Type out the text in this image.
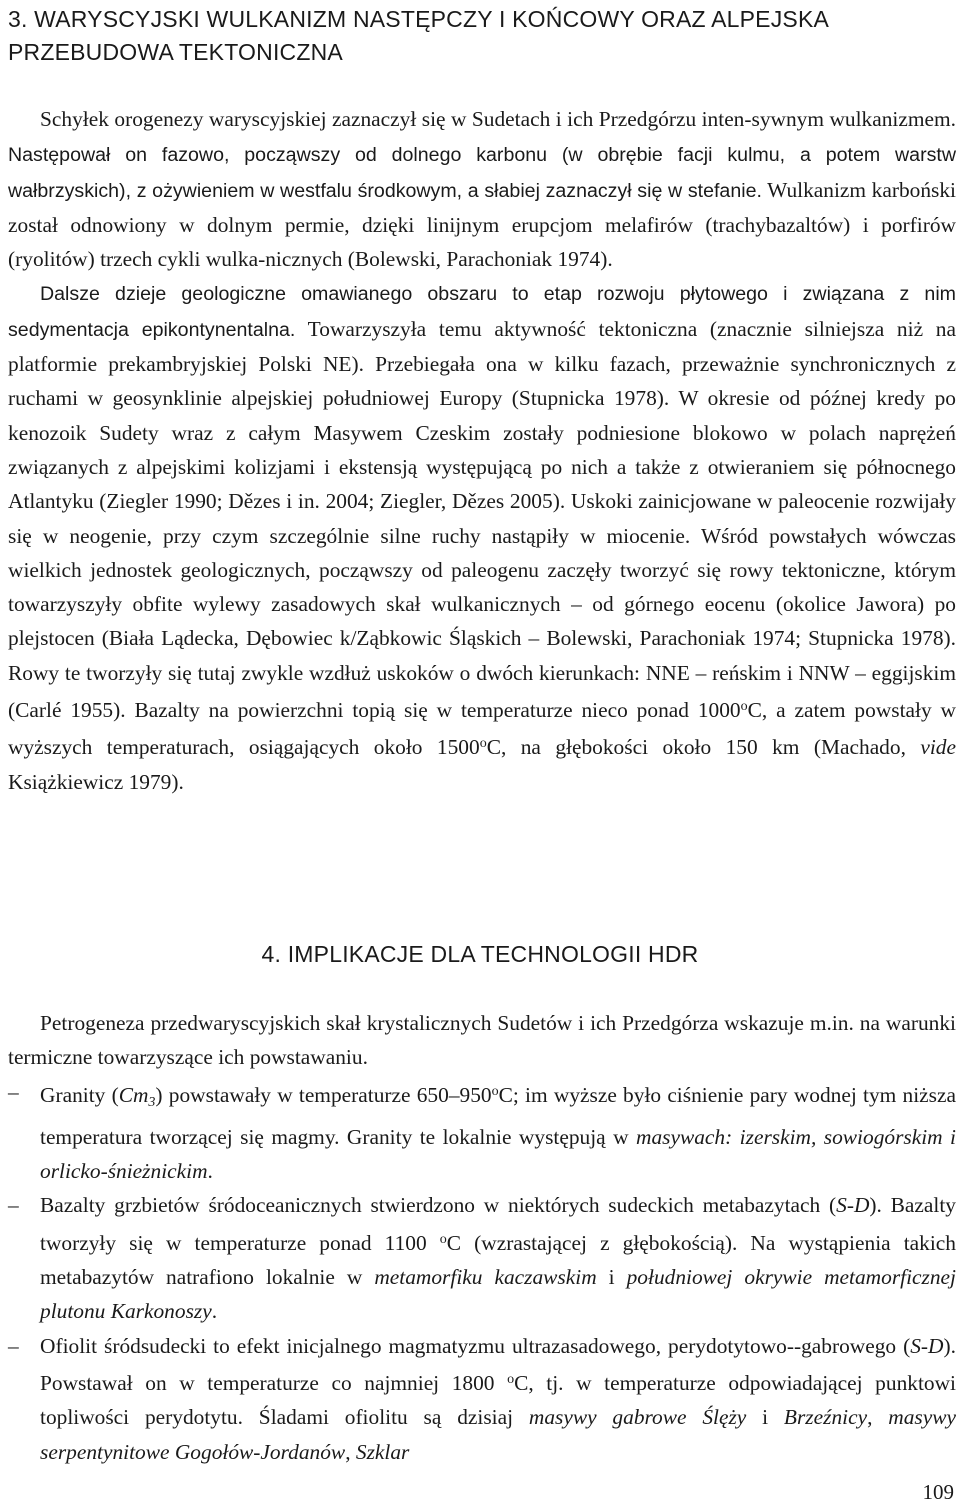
3. WARYSCYJSKI WULKANIZM NASTĘPCZY I KOŃCOWY ORAZ ALPEJSKA

PRZEBUDOWA TEKTONICZNA

Schyłek orogenezy waryscyjskiej zaznaczył się w Sudetach i ich Przedgórzu inten-sywnym wulkanizmem. Następował on fazowo, począwszy od dolnego karbonu (w obrębie facji kulmu, a potem warstw wałbrzyskich), z ożywieniem w westfalu środkowym, a słabiej zaznaczył się w stefanie. Wulkanizm karboński został odnowiony w dolnym permie, dzięki linijnym erupcjom melafirów (trachybazaltów) i porfirów (ryolitów) trzech cykli wulka-nicznych (Bolewski, Parachoniak 1974).

Dalsze dzieje geologiczne omawianego obszaru to etap rozwoju płytowego i związana z nim sedymentacja epikontynentalna. Towarzyszyła temu aktywność tektoniczna (znacznie silniejsza niż na platformie prekambryjskiej Polski NE). Przebiegała ona w kilku fazach, przeważnie synchronicznych z ruchami w geosynklinie alpejskiej południowej Europy (Stupnicka 1978). W okresie od późnej kredy po kenozoik Sudety wraz z całym Masywem Czeskim zostały podniesione blokowo w polach naprężeń związanych z alpejskimi kolizjami i ekstensją występującą po nich a także z otwieraniem się północnego Atlantyku (Ziegler 1990; Dězes i in. 2004; Ziegler, Dězes 2005). Uskoki zainicjowane w paleocenie rozwijały się w neogenie, przy czym szczególnie silne ruchy nastąpiły w miocenie. Wśród powstałych wówczas wielkich jednostek geologicznych, począwszy od paleogenu zaczęły tworzyć się rowy tektoniczne, którym towarzyszyły obfite wylewy zasadowych skał wulkanicznych – od górnego eocenu (okolice Jawora) po plejstocen (Biała Lądecka, Dębowiec k/Ząbkowic Śląskich – Bolewski, Parachoniak 1974; Stupnicka 1978). Rowy te tworzyły się tutaj zwykle wzdłuż uskoków o dwóch kierunkach: NNE – reńskim i NNW – eggijskim (Carlé 1955). Bazalty na powierzchni topią się w temperaturze nieco ponad 1000$^o$C, a zatem powstały w wyższych temperaturach, osiągających około 1500$^o$C, na głębokości około 150 km (Machado, vide Książkiewicz 1979).

4. IMPLIKACJE DLA TECHNOLOGII HDR

Petrogeneza przedwaryscyjskich skał krystalicznych Sudetów i ich Przedgórza wskazuje m.in. na warunki termiczne towarzyszące ich powstawaniu.

– Granity $(Cm_3)$ powstawały w temperaturze 650–950$^o$C; im wyższe było ciśnienie pary wodnej tym niższa temperatura tworzącej się magmy. Granity te lokalnie występują w masywach: izerskim, sowiogórskim i orlicko-śnieżnickim.

– Bazalty grzbietów śródoceanicznych stwierdzono w niektórych sudeckich metabazytach (S-D). Bazalty tworzyły się w temperaturze ponad 1100 $^o$C (wzrastającej z głębokością). Na wystąpienia takich metabazytów natrafiono lokalnie w metamorfiku kaczawskim i południowej okrywie metamorficznej plutonu Karkonoszy.

– Ofiolit śródsudecki to efekt inicjalnego magmatyzmu ultrazasadowego, perydotytowo--gabrowego (S-D). Powstawał on w temperaturze co najmniej 1800 $^o$C, tj. w temperaturze odpowiadającej punktowi topliwości perydotytu. Śladami ofiolitu są dzisiaj masywy gabrowe Ślęży i Brzeźnicy, masywy serpentynitowe Gogołów-Jordanów, Szklar

109
